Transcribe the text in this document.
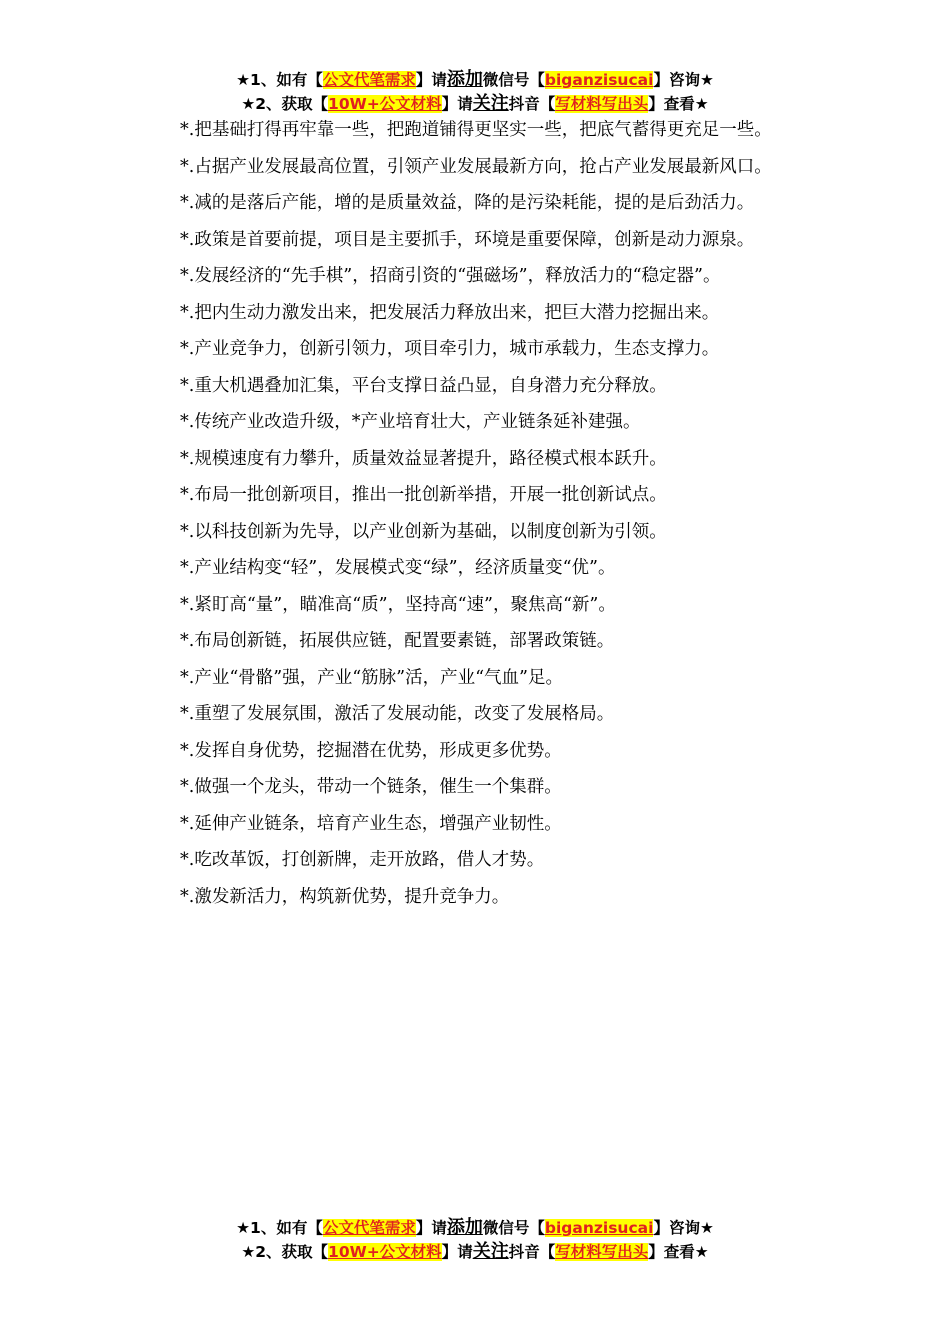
★1、如有【公文代笔需求】请添加微信号【biganzisucai】咨询★
★2、获取【10W+公文材料】请关注抖音【写材料写出头】查看★

*.把基础打得再牢靠一些，把跑道铺得更坚实一些，把底气蓄得更充足一些。

*.占据产业发展最高位置，引领产业发展最新方向，抢占产业发展最新风口。

*.减的是落后产能，增的是质量效益，降的是污染耗能，提的是后劲活力。

*.政策是首要前提，项目是主要抓手，环境是重要保障，创新是动力源泉。

*.发展经济的“先手棋”，招商引资的“强磁场”，释放活力的“稳定器”。

*.把内生动力激发出来，把发展活力释放出来，把巨大潜力挖掘出来。

*.产业竞争力，创新引领力，项目牵引力，城市承载力，生态支撑力。

*.重大机遇叠加汇集，平台支撑日益凸显，自身潜力充分释放。

*.传统产业改造升级，*产业培育壮大，产业链条延补建强。

*.规模速度有力攀升，质量效益显著提升，路径模式根本跃升。

*.布局一批创新项目，推出一批创新举措，开展一批创新试点。

*.以科技创新为先导，以产业创新为基础，以制度创新为引领。

*.产业结构变“轻”，发展模式变“绿”，经济质量变“优”。

*.紧盯高“量”，瞄准高“质”，坚持高“速”，聚焦高“新”。

*.布局创新链，拓展供应链，配置要素链，部署政策链。

*.产业“骨骼”强，产业“筋脉”活，产业“气血”足。

*.重塑了发展氛围，激活了发展动能，改变了发展格局。

*.发挥自身优势，挖掘潜在优势，形成更多优势。

*.做强一个龙头，带动一个链条，催生一个集群。

*.延伸产业链条，培育产业生态，增强产业韧性。

*.吃改革饭，打创新牌，走开放路，借人才势。

*.激发新活力，构筑新优势，提升竞争力。

★1、如有【公文代笔需求】请添加微信号【biganzisucai】咨询★
★2、获取【10W+公文材料】请关注抖音【写材料写出头】查看★
